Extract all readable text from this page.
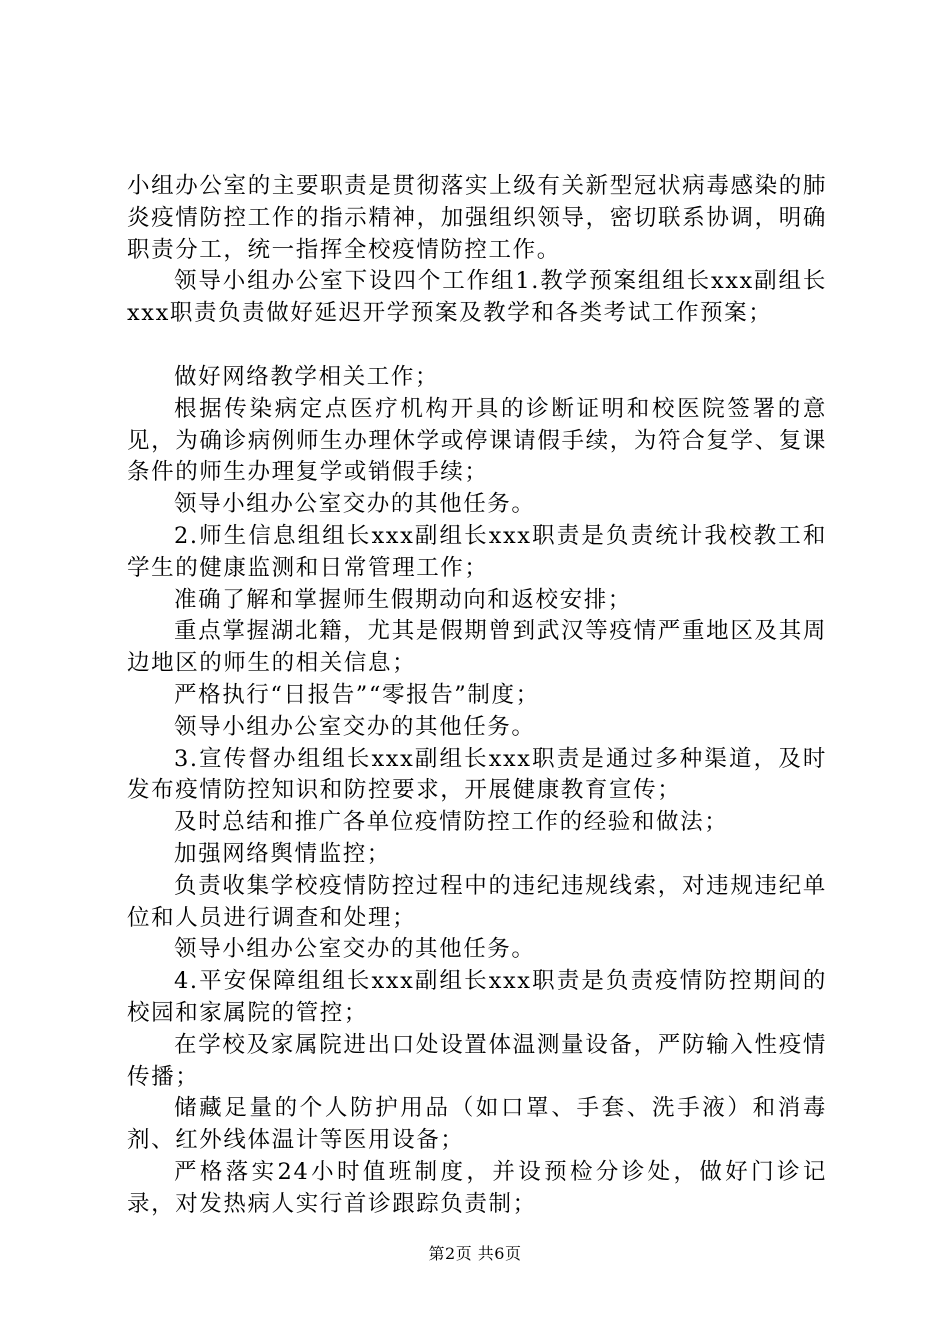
小组办公室的主要职责是贯彻落实上级有关新型冠状病毒感染的肺炎疫情防控工作的指示精神，加强组织领导，密切联系协调，明确职责分工，统一指挥全校疫情防控工作。

领导小组办公室下设四个工作组1.教学预案组组长xxx副组长xxx职责负责做好延迟开学预案及教学和各类考试工作预案；

做好网络教学相关工作；

根据传染病定点医疗机构开具的诊断证明和校医院签署的意见，为确诊病例师生办理休学或停课请假手续，为符合复学、复课条件的师生办理复学或销假手续；

领导小组办公室交办的其他任务。

2.师生信息组组长xxx副组长xxx职责是负责统计我校教工和学生的健康监测和日常管理工作；

准确了解和掌握师生假期动向和返校安排；

重点掌握湖北籍，尤其是假期曾到武汉等疫情严重地区及其周边地区的师生的相关信息；

严格执行“日报告”“零报告”制度；

领导小组办公室交办的其他任务。

3.宣传督办组组长xxx副组长xxx职责是通过多种渠道，及时发布疫情防控知识和防控要求，开展健康教育宣传；

及时总结和推广各单位疫情防控工作的经验和做法；

加强网络舆情监控；

负责收集学校疫情防控过程中的违纪违规线索，对违规违纪单位和人员进行调查和处理；

领导小组办公室交办的其他任务。

4.平安保障组组长xxx副组长xxx职责是负责疫情防控期间的校园和家属院的管控；

在学校及家属院进出口处设置体温测量设备，严防输入性疫情传播；

储藏足量的个人防护用品（如口罩、手套、洗手液）和消毒剂、红外线体温计等医用设备；

严格落实24小时值班制度，并设预检分诊处，做好门诊记录，对发热病人实行首诊跟踪负责制；

第2页 共6页
